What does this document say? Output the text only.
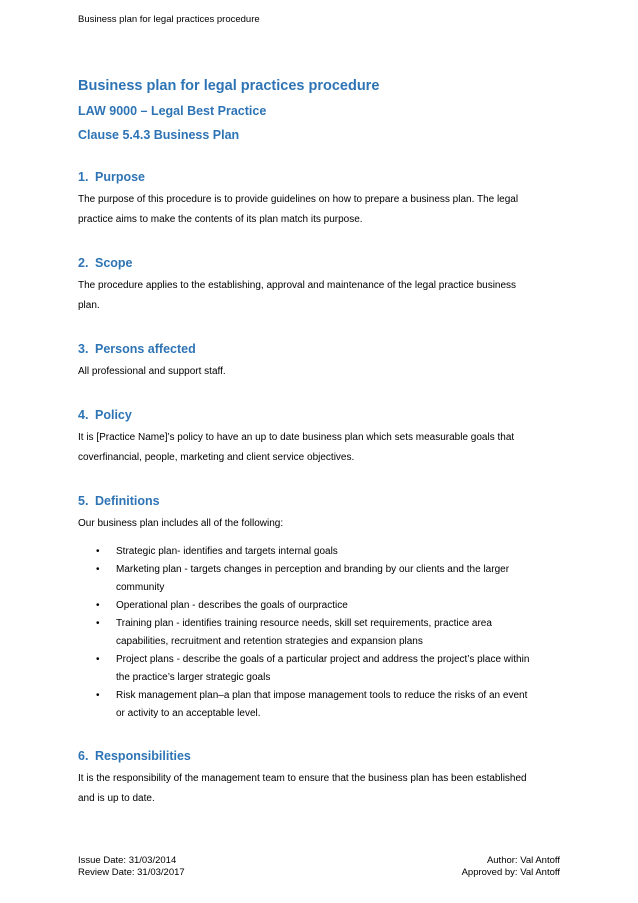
Business plan for legal practices procedure
Business plan for legal practices procedure
LAW 9000 – Legal Best Practice
Clause 5.4.3 Business Plan
1. Purpose

The purpose of this procedure is to provide guidelines on how to prepare a business plan. The legal
practice aims to make the contents of its plan match its purpose.

2. Scope

The procedure applies to the establishing, approval and maintenance of the legal practice business
plan.

3. Persons affected

All professional and support staff.

4. Policy

It is [Practice Name]’s policy to have an up to date business plan which sets measurable goals that
coverfinancial, people, marketing and client service objectives.

5. Definitions

Our business plan includes all of the following:

• Strategic plan- identifies and targets internal goals
• Marketing plan - targets changes in perception and branding by our clients and the larger
community
• Operational plan - describes the goals of ourpractice
• Training plan - identifies training resource needs, skill set requirements, practice area
capabilities, recruitment and retention strategies and expansion plans
• Project plans - describe the goals of a particular project and address the project’s place within
the practice’s larger strategic goals
• Risk management plan–a plan that impose management tools to reduce the risks of an event
or activity to an acceptable level.
6. Responsibilities

It is the responsibility of the management team to ensure that the business plan has been established
and is up to date.

Issue Date: 31/03/2014	Author: Val Antoff
Review Date: 31/03/2017	Approved by: Val Antoff
